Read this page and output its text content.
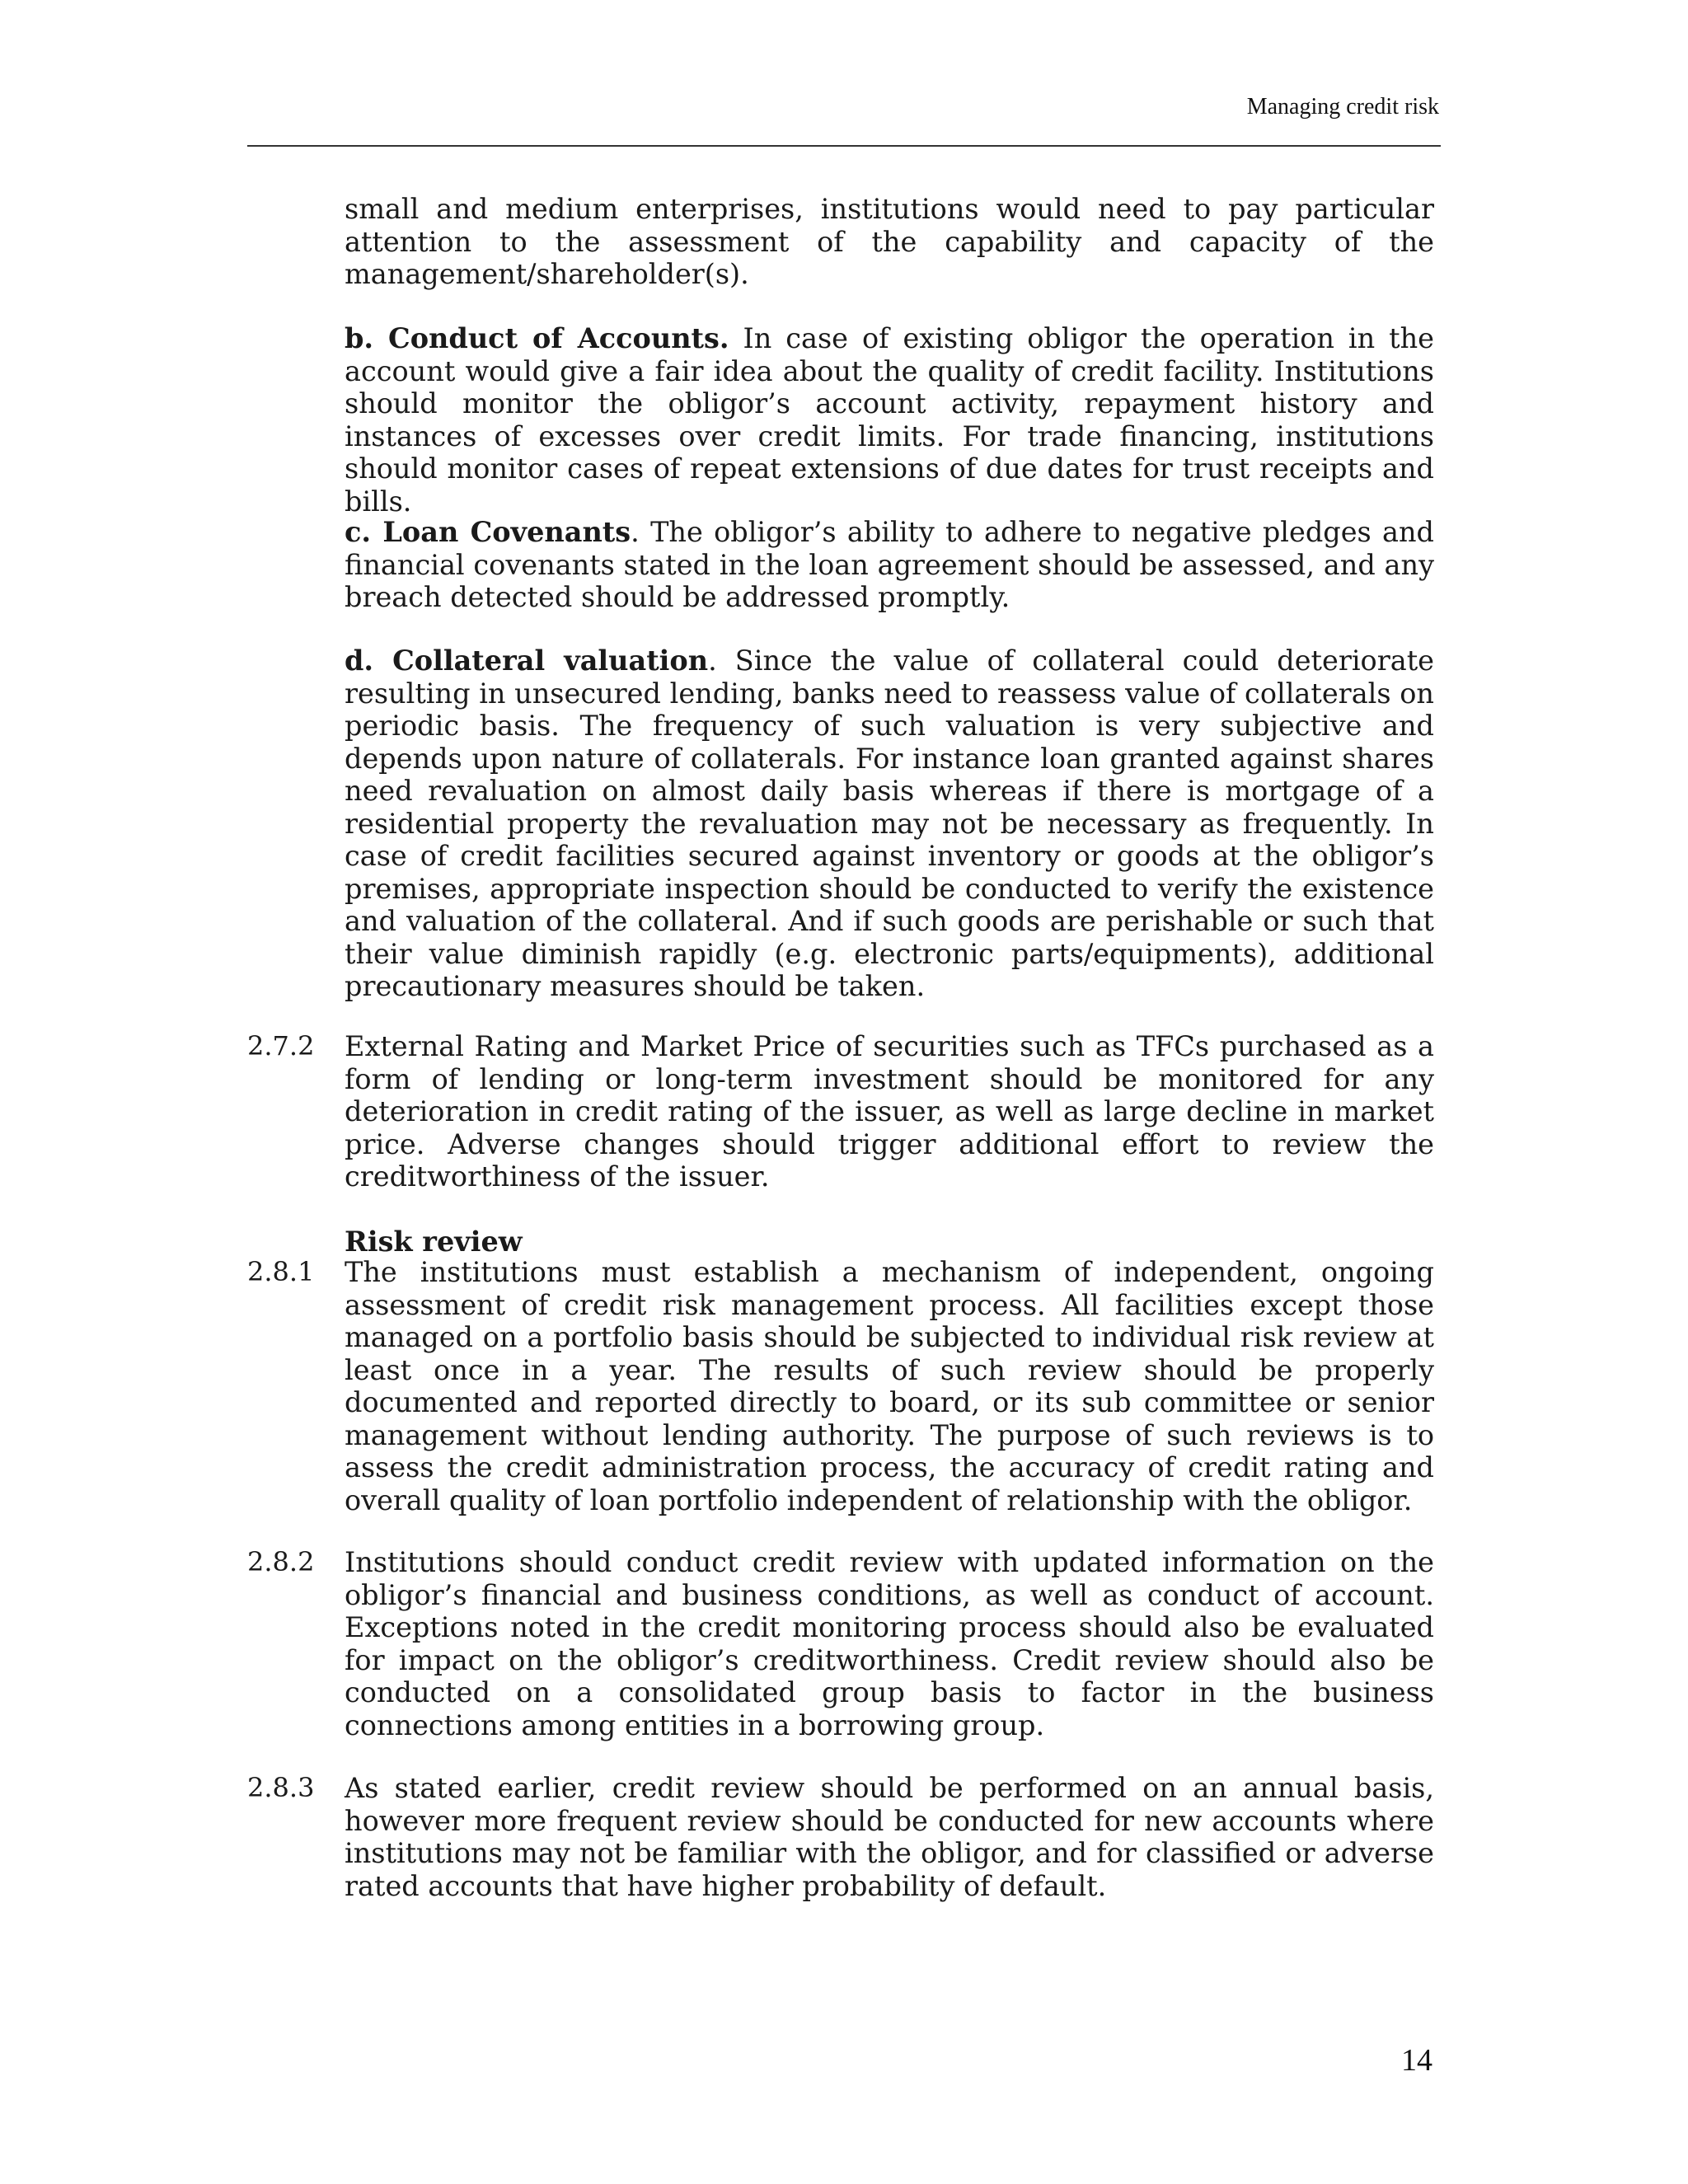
Managing credit risk

small and medium enterprises, institutions would need to pay particular attention to the assessment of the capability and capacity of the management/shareholder(s).

b. Conduct of Accounts. In case of existing obligor the operation in the account would give a fair idea about the quality of credit facility. Institutions should monitor the obligor’s account activity, repayment history and instances of excesses over credit limits. For trade financing, institutions should monitor cases of repeat extensions of due dates for trust receipts and bills.

c. Loan Covenants. The obligor’s ability to adhere to negative pledges and financial covenants stated in the loan agreement should be assessed, and any breach detected should be addressed promptly.

d. Collateral valuation. Since the value of collateral could deteriorate resulting in unsecured lending, banks need to reassess value of collaterals on periodic basis. The frequency of such valuation is very subjective and depends upon nature of collaterals. For instance loan granted against shares need revaluation on almost daily basis whereas if there is mortgage of a residential property the revaluation may not be necessary as frequently. In case of credit facilities secured against inventory or goods at the obligor’s premises, appropriate inspection should be conducted to verify the existence and valuation of the collateral. And if such goods are perishable or such that their value diminish rapidly (e.g. electronic parts/equipments), additional precautionary measures should be taken.

2.7.2 External Rating and Market Price of securities such as TFCs purchased as a form of lending or long-term investment should be monitored for any deterioration in credit rating of the issuer, as well as large decline in market price. Adverse changes should trigger additional effort to review the creditworthiness of the issuer.

Risk review
2.8.1 The institutions must establish a mechanism of independent, ongoing assessment of credit risk management process. All facilities except those managed on a portfolio basis should be subjected to individual risk review at least once in a year. The results of such review should be properly documented and reported directly to board, or its sub committee or senior management without lending authority. The purpose of such reviews is to assess the credit administration process, the accuracy of credit rating and overall quality of loan portfolio independent of relationship with the obligor.

2.8.2 Institutions should conduct credit review with updated information on the obligor’s financial and business conditions, as well as conduct of account. Exceptions noted in the credit monitoring process should also be evaluated for impact on the obligor’s creditworthiness. Credit review should also be conducted on a consolidated group basis to factor in the business connections among entities in a borrowing group.

2.8.3 As stated earlier, credit review should be performed on an annual basis, however more frequent review should be conducted for new accounts where institutions may not be familiar with the obligor, and for classified or adverse rated accounts that have higher probability of default.

14
